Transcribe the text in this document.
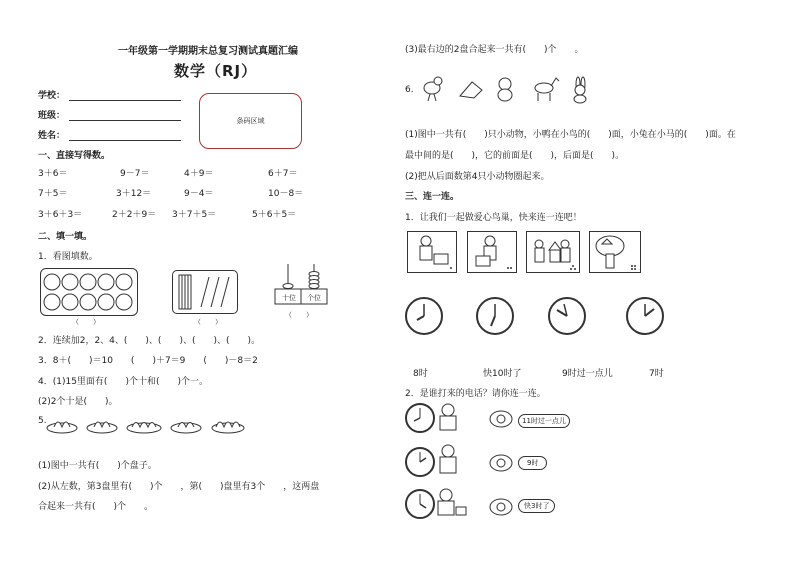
一年级第一学期期末总复习测试真题汇编
数学（RJ）
学校：
班级：
姓名：
条码区域
一、直接写得数。
3＋6＝	9－7＝	4＋9＝	6＋7＝
7＋5＝	3＋12＝	9－4＝	10－8＝
3＋6＋3＝	2＋2＋9＝ 3＋7＋5＝	5＋6＋5＝
二、填一填。
1．看图填数。
（　　）	（　　）
十位 个位
（　　）
2．连续加2，2、4、(　　)、(　　)、(　　)、(　　)。
3．8＋(　　)＝10　　(　　)＋7＝9　　(　　)－8＝2
4．(1)15里面有(　　)个十和(　　)个一。
(2)2个十是(　　)。
5.
(1)图中一共有(　　)个盘子。
(2)从左数，第3盘里有(　　)个　　，第(　　)盘里有3个　　，这两盘
合起来一共有(　　)个　　。
(3)最右边的2盘合起来一共有(　　)个　　。
6.
(1)图中一共有(　　)只小动物，小鸭在小鸟的(　　)面，小兔在小马的(　　)面。在
最中间的是(　　)，它的前面是(　　)，后面是(　　)。
(2)把从后面数第4只小动物圈起来。
三、连一连。
1．让我们一起做爱心鸟巢，快来连一连吧！
8时	快10时了	9时过一点儿	7时
2．是谁打来的电话？请你连一连。
11时过一点儿
9时
快3时了
